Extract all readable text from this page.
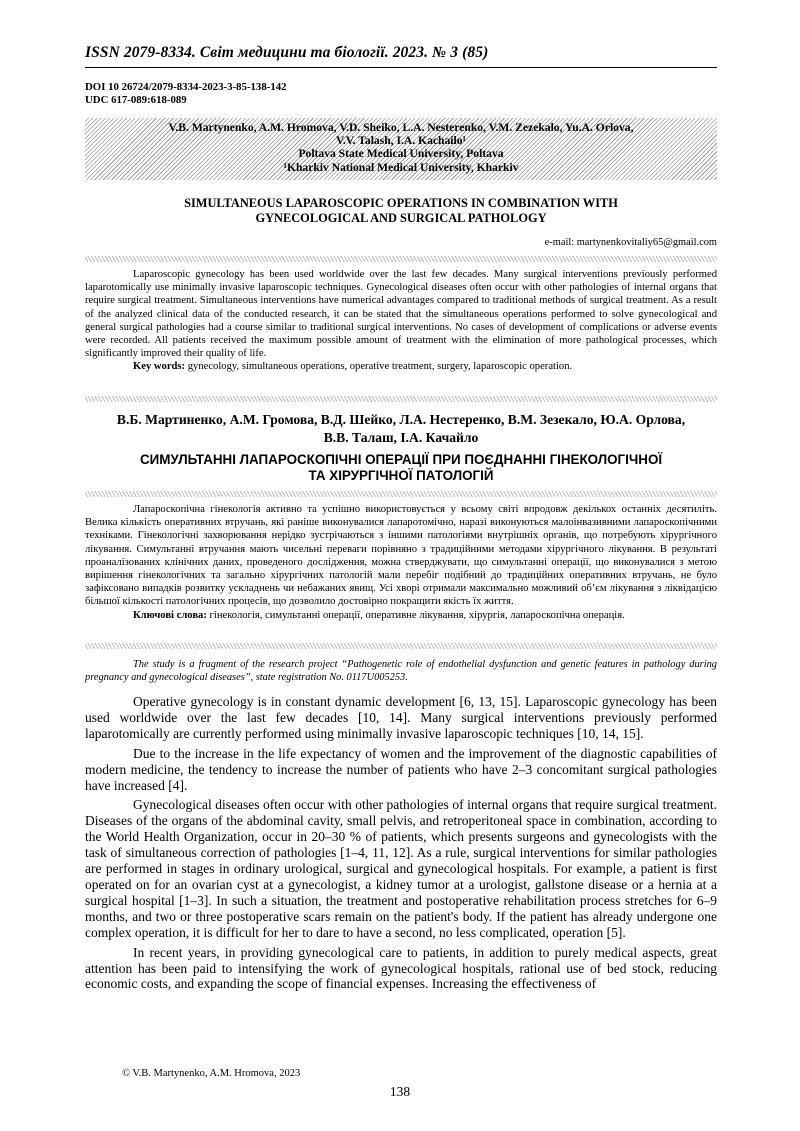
ISSN 2079-8334. Світ медицини та біології. 2023. № 3 (85)
DOI 10 26724/2079-8334-2023-3-85-138-142
UDC 617-089:618-089
V.B. Martynenko, A.M. Hromova, V.D. Sheiko, L.A. Nesterenko, V.M. Zezekalo, Yu.A. Orlova,
V.V. Talash, I.A. Kachailo¹
Poltava State Medical University, Poltava
¹Kharkiv National Medical University, Kharkiv
SIMULTANEOUS LAPAROSCOPIC OPERATIONS IN COMBINATION WITH
GYNECOLOGICAL AND SURGICAL PATHOLOGY
e-mail: martynenkovitaliy65@gmail.com

Laparoscopic gynecology has been used worldwide over the last few decades. Many surgical interventions previously performed laparotomically use minimally invasive laparoscopic techniques. Gynecological diseases often occur with other pathologies of internal organs that require surgical treatment. Simultaneous interventions have numerical advantages compared to traditional methods of surgical treatment. As a result of the analyzed clinical data of the conducted research, it can be stated that the simultaneous operations performed to solve gynecological and general surgical pathologies had a course similar to traditional surgical interventions. No cases of development of complications or adverse events were recorded. All patients received the maximum possible amount of treatment with the elimination of more pathological processes, which significantly improved their quality of life.

Key words: gynecology, simultaneous operations, operative treatment, surgery, laparoscopic operation.

В.Б. Мартиненко, А.М. Громова, В.Д. Шейко, Л.А. Нестеренко, В.М. Зезекало, Ю.А. Орлова,
В.В. Талаш, І.А. Качайло
СИМУЛЬТАННІ ЛАПАРОСКОПІЧНІ ОПЕРАЦІЇ ПРИ ПОЄДНАННІ ГІНЕКОЛОГІЧНОЇ
ТА ХІРУРГІЧНОЇ ПАТОЛОГІЙ

Лапароскопічна гінекологія активно та успішно використовується у всьому світі впродовж декількох останніх десятиліть. Велика кількість оперативних втручань, які раніше виконувалися лапаротомічно, наразі виконуються малоінвазивними лапароскопічними техніками. Гінекологічні захворювання нерідко зустрічаються з іншими патологіями внутрішніх органів, що потребують хірургічного лікування. Симультанні втручання мають чисельні переваги порівняно з традиційними методами хірургічного лікування. В результаті проаналізованих клінічних даних, проведеного дослідження, можна стверджувати, що симультанні операції, що виконувалися з метою вирішення гінекологічних та загально хірургічних патологій мали перебіг подібний до традиційних оперативних втручань, не було зафіксовано випадків розвитку ускладнень чи небажаних явищ. Усі хворі отримали максимально можливий об’єм лікування з ліквідацією більшої кількості патологічних процесів, що дозволило достовірно покращити якість їх життя.

Ключові слова: гінекологія, симультанні операції, оперативне лікування, хірургія, лапароскопічна операція.

The study is a fragment of the research project “Pathogenetic role of endothelial dysfunction and genetic features in pathology during pregnancy and gynecological diseases”, state registration No. 0117U005253.

Operative gynecology is in constant dynamic development [6, 13, 15]. Laparoscopic gynecology has been used worldwide over the last few decades [10, 14]. Many surgical interventions previously performed laparotomically are currently performed using minimally invasive laparoscopic techniques [10, 14, 15].

Due to the increase in the life expectancy of women and the improvement of the diagnostic capabilities of modern medicine, the tendency to increase the number of patients who have 2–3 concomitant surgical pathologies have increased [4].

Gynecological diseases often occur with other pathologies of internal organs that require surgical treatment. Diseases of the organs of the abdominal cavity, small pelvis, and retroperitoneal space in combination, according to the World Health Organization, occur in 20–30 % of patients, which presents surgeons and gynecologists with the task of simultaneous correction of pathologies [1–4, 11, 12]. As a rule, surgical interventions for similar pathologies are performed in stages in ordinary urological, surgical and gynecological hospitals. For example, a patient is first operated on for an ovarian cyst at a gynecologist, a kidney tumor at a urologist, gallstone disease or a hernia at a surgical hospital [1–3]. In such a situation, the treatment and postoperative rehabilitation process stretches for 6–9 months, and two or three postoperative scars remain on the patient's body. If the patient has already undergone one complex operation, it is difficult for her to dare to have a second, no less complicated, operation [5].

In recent years, in providing gynecological care to patients, in addition to purely medical aspects, great attention has been paid to intensifying the work of gynecological hospitals, rational use of bed stock, reducing economic costs, and expanding the scope of financial expenses. Increasing the effectiveness of

© V.B. Martynenko, A.M. Hromova, 2023
138
